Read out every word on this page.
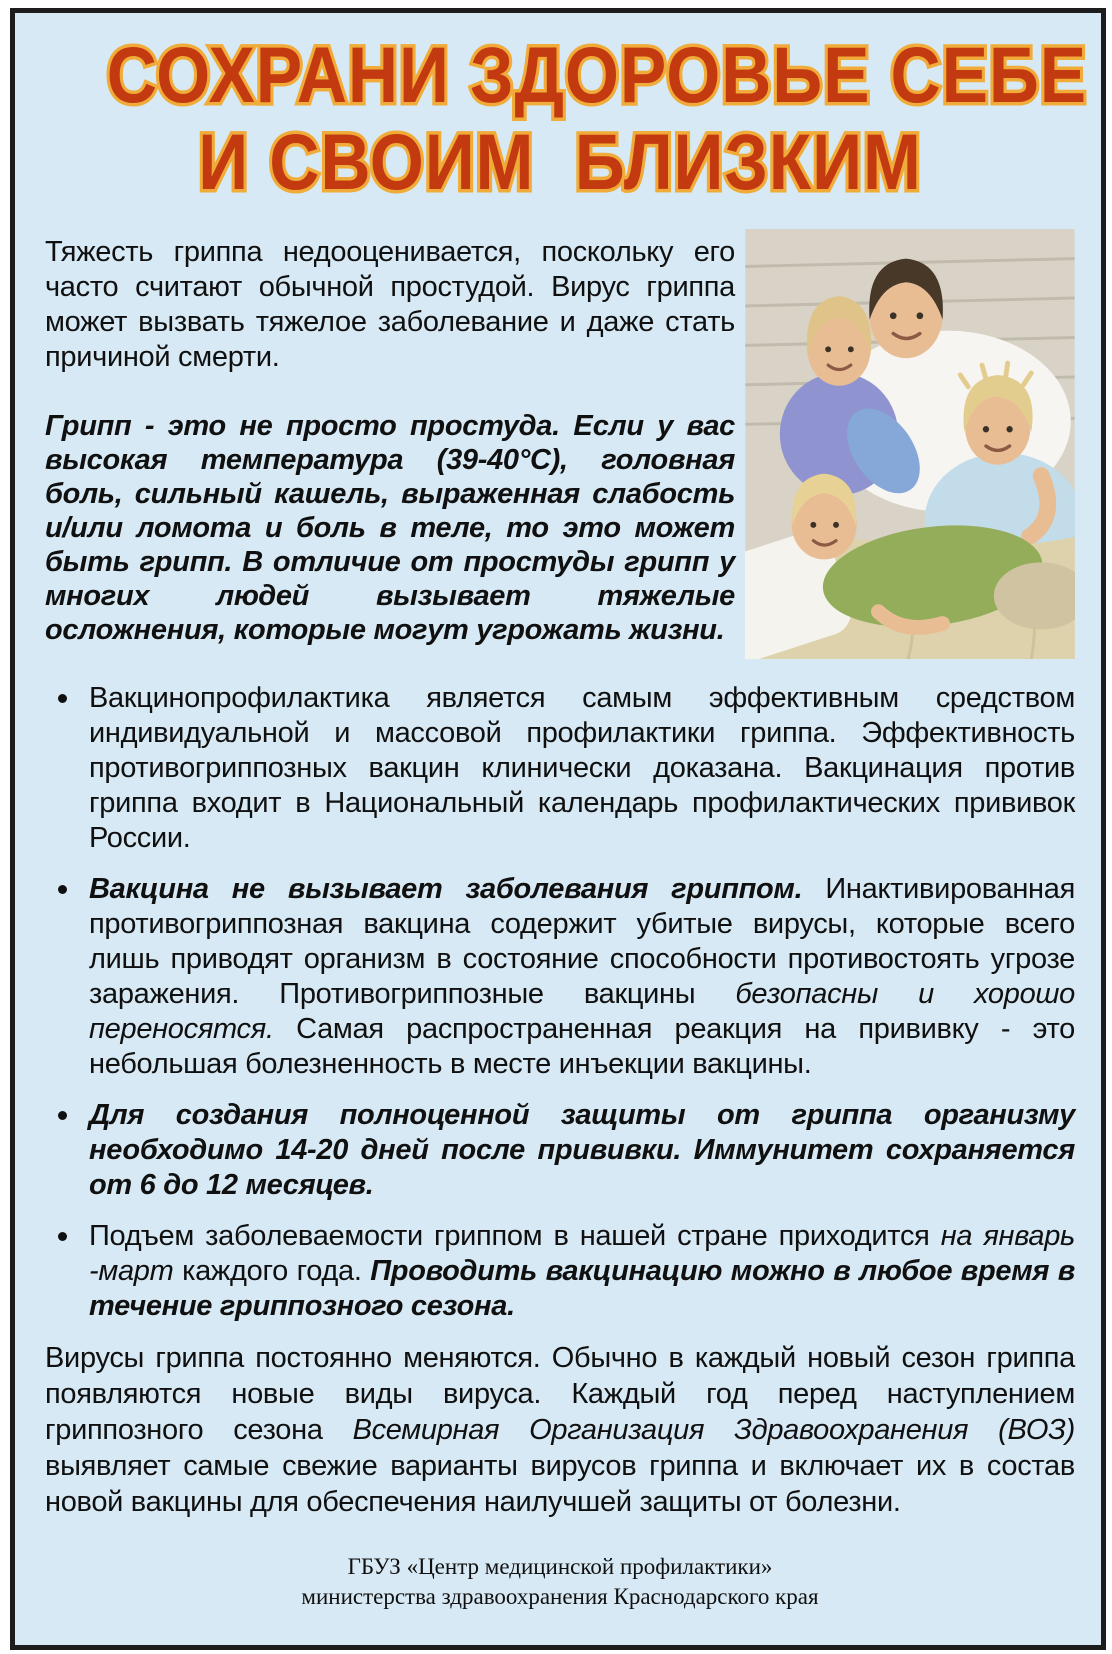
СОХРАНИ ЗДОРОВЬЕ СЕБЕ
И СВОИМ  БЛИЗКИМ

Тяжесть гриппа недооценивается, поскольку его часто считают обычной простудой. Вирус гриппа может вызвать тяжелое заболевание и даже стать причиной смерти.

Грипп - это не просто простуда. Если у вас высокая температура (39-40°С), головная боль, сильный кашель, выраженная слабость и/или ломота и боль в теле, то это может быть грипп. В отличие от простуды грипп у многих людей вызывает тяжелые осложнения, которые могут угрожать жизни.

Вакцинопрофилактика является самым эффективным средством индивидуальной и массовой профилактики гриппа. Эффективность противогриппозных вакцин клинически доказана. Вакцинация против гриппа входит в Национальный календарь профилактических прививок России.
Вакцина не вызывает заболевания гриппом. Инактивированная противогриппозная вакцина содержит убитые вирусы, которые всего лишь приводят организм в состояние способности противостоять угрозе заражения. Противогриппозные вакцины безопасны и хорошо переносятся. Самая распространенная реакция на прививку - это небольшая болезненность в месте инъекции вакцины.
Для создания полноценной защиты от гриппа организму необходимо 14-20 дней после прививки. Иммунитет сохраняется от 6 до 12 месяцев.
Подъем заболеваемости гриппом в нашей стране приходится на январь -март каждого года. Проводить вакцинацию можно в любое время в течение гриппозного сезона.

Вирусы гриппа постоянно меняются. Обычно в каждый новый сезон гриппа появляются новые виды вируса. Каждый год перед наступлением гриппозного сезона Всемирная Организация Здравоохранения (ВОЗ) выявляет самые свежие варианты вирусов гриппа и включает их в состав новой вакцины для обеспечения наилучшей защиты от болезни.

ГБУЗ «Центр медицинской профилактики»
министерства здравоохранения Краснодарского края
